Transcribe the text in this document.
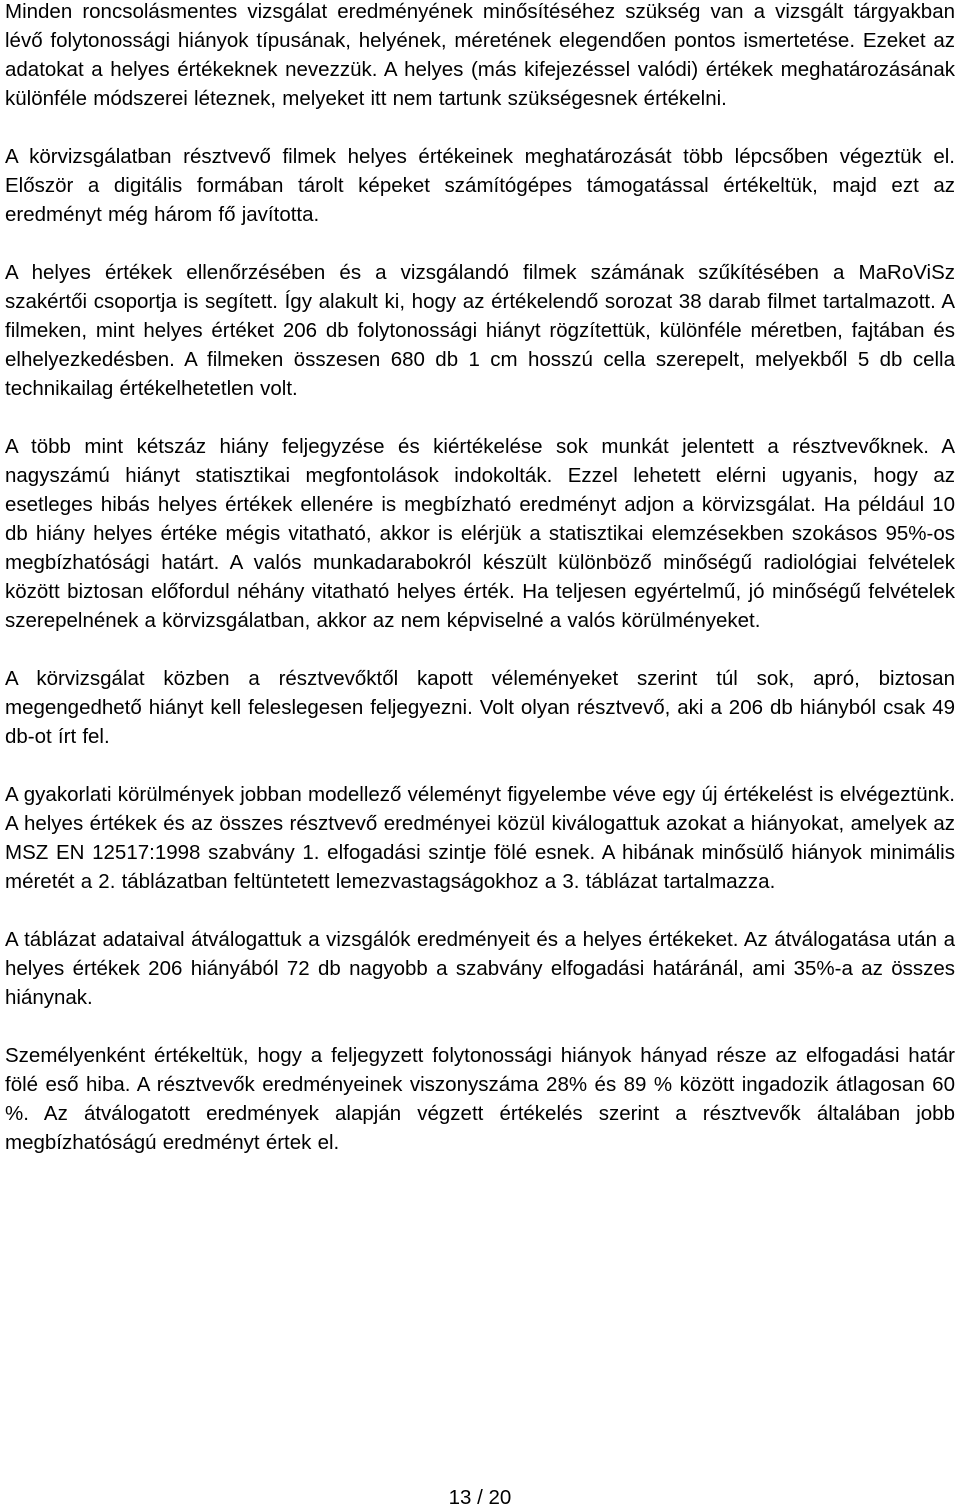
Minden roncsolásmentes vizsgálat eredményének minősítéséhez szükség van a vizsgált tárgyakban lévő folytonossági hiányok típusának, helyének, méretének elegendően pontos ismertetése. Ezeket az adatokat a helyes értékeknek nevezzük. A helyes (más kifejezéssel valódi) értékek meghatározásának különféle módszerei léteznek, melyeket itt nem tartunk szükségesnek értékelni.

A körvizsgálatban résztvevő filmek helyes értékeinek meghatározását több lépcsőben végeztük el. Először a digitális formában tárolt képeket számítógépes támogatással értékeltük, majd ezt az eredményt még három fő javította.

A helyes értékek ellenőrzésében és a vizsgálandó filmek számának szűkítésében a MaRoViSz szakértői csoportja is segített. Így alakult ki, hogy az értékelendő sorozat 38 darab filmet tartalmazott. A filmeken, mint helyes értéket 206 db folytonossági hiányt rögzítettük, különféle méretben, fajtában és elhelyezkedésben. A filmeken összesen 680 db 1 cm hosszú cella szerepelt, melyekből 5 db cella technikailag értékelhetetlen volt.

A több mint kétszáz hiány feljegyzése és kiértékelése sok munkát jelentett a résztvevőknek. A nagyszámú hiányt statisztikai megfontolások indokolták. Ezzel lehetett elérni ugyanis, hogy az esetleges hibás helyes értékek ellenére is megbízható eredményt adjon a körvizsgálat. Ha például 10 db hiány helyes értéke mégis vitatható, akkor is elérjük a statisztikai elemzésekben szokásos 95%-os megbízhatósági határt. A valós munkadarabokról készült különböző minőségű radiológiai felvételek között biztosan előfordul néhány vitatható helyes érték. Ha teljesen egyértelmű, jó minőségű felvételek szerepelnének a körvizsgálatban, akkor az nem képviselné a valós körülményeket.

A körvizsgálat közben a résztvevőktől kapott véleményeket szerint túl sok, apró, biztosan megengedhető hiányt kell feleslegesen feljegyezni. Volt olyan résztvevő, aki a 206 db hiányból csak 49 db-ot írt fel.

A gyakorlati körülmények jobban modellező véleményt figyelembe véve egy új értékelést is elvégeztünk. A helyes értékek és az összes résztvevő eredményei közül kiválogattuk azokat a hiányokat, amelyek az MSZ EN 12517:1998 szabvány 1. elfogadási szintje fölé esnek. A hibának minősülő hiányok minimális méretét a 2. táblázatban feltüntetett lemezvastagságokhoz a 3. táblázat tartalmazza.

A táblázat adataival átválogattuk a vizsgálók eredményeit és a helyes értékeket. Az átválogatása után a helyes értékek 206 hiányából 72 db nagyobb a szabvány elfogadási határánál, ami 35%-a az összes hiánynak.

Személyenként értékeltük, hogy a feljegyzett folytonossági hiányok hányad része az elfogadási határ fölé eső hiba. A résztvevők eredményeinek viszonyszáma 28% és 89 % között ingadozik átlagosan 60 %. Az átválogatott eredmények alapján végzett értékelés szerint a résztvevők általában jobb megbízhatóságú eredményt értek el.

13 / 20
